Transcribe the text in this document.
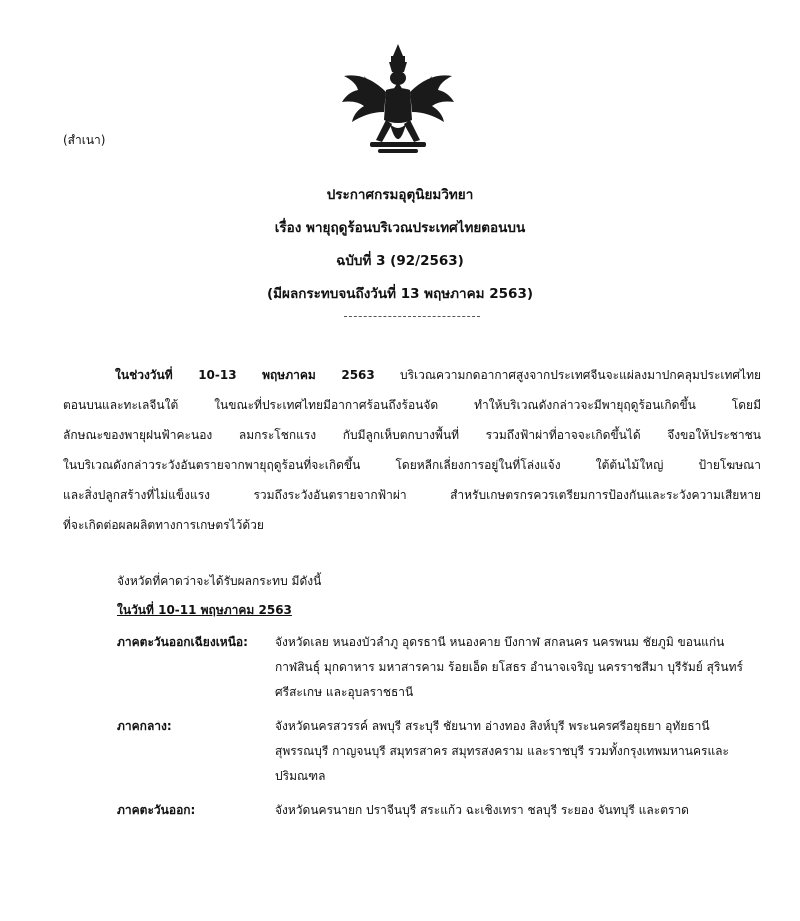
(สำเนา)
ประกาศกรมอุตุนิยมวิทยา
เรื่อง พายุฤดูร้อนบริเวณประเทศไทยตอนบน
ฉบับที่ 3 (92/2563)
(มีผลกระทบจนถึงวันที่ 13 พฤษภาคม 2563)
ในช่วงวันที่ 10-13 พฤษภาคม 2563 บริเวณความกดอากาศสูงจากประเทศจีนจะแผ่ลงมาปกคลุมประเทศไทย
ตอนบนและทะเลจีนใต้ ในขณะที่ประเทศไทยมีอากาศร้อนถึงร้อนจัด ทำให้บริเวณดังกล่าวจะมีพายุฤดูร้อนเกิดขึ้น โดยมี
ลักษณะของพายุฝนฟ้าคะนอง ลมกระโชกแรง กับมีลูกเห็บตกบางพื้นที่ รวมถึงฟ้าผ่าที่อาจจะเกิดขึ้นได้ จึงขอให้ประชาชน
ในบริเวณดังกล่าวระวังอันตรายจากพายุฤดูร้อนที่จะเกิดขึ้น โดยหลีกเลี่ยงการอยู่ในที่โล่งแจ้ง ใต้ต้นไม้ใหญ่ ป้ายโฆษณา
และสิ่งปลูกสร้างที่ไม่แข็งแรง รวมถึงระวังอันตรายจากฟ้าผ่า สำหรับเกษตรกรควรเตรียมการป้องกันและระวังความเสียหาย
ที่จะเกิดต่อผลผลิตทางการเกษตรไว้ด้วย
จังหวัดที่คาดว่าจะได้รับผลกระทบ มีดังนี้
ในวันที่ 10-11 พฤษภาคม 2563
ภาคตะวันออกเฉียงเหนือ:	จังหวัดเลย หนองบัวลำภู อุดรธานี หนองคาย บึงกาฬ สกลนคร นครพนม ชัยภูมิ ขอนแก่น กาฬสินธุ์ มุกดาหาร มหาสารคาม ร้อยเอ็ด ยโสธร อำนาจเจริญ นครราชสีมา บุรีรัมย์ สุรินทร์ ศรีสะเกษ และอุบลราชธานี
ภาคกลาง:	จังหวัดนครสวรรค์ ลพบุรี สระบุรี ชัยนาท อ่างทอง สิงห์บุรี พระนครศรีอยุธยา อุทัยธานี สุพรรณบุรี กาญจนบุรี สมุทรสาคร สมุทรสงคราม และราชบุรี รวมทั้งกรุงเทพมหานครและปริมณฑล
ภาคตะวันออก:	จังหวัดนครนายก ปราจีนบุรี สระแก้ว ฉะเชิงเทรา ชลบุรี ระยอง จันทบุรี และตราด
